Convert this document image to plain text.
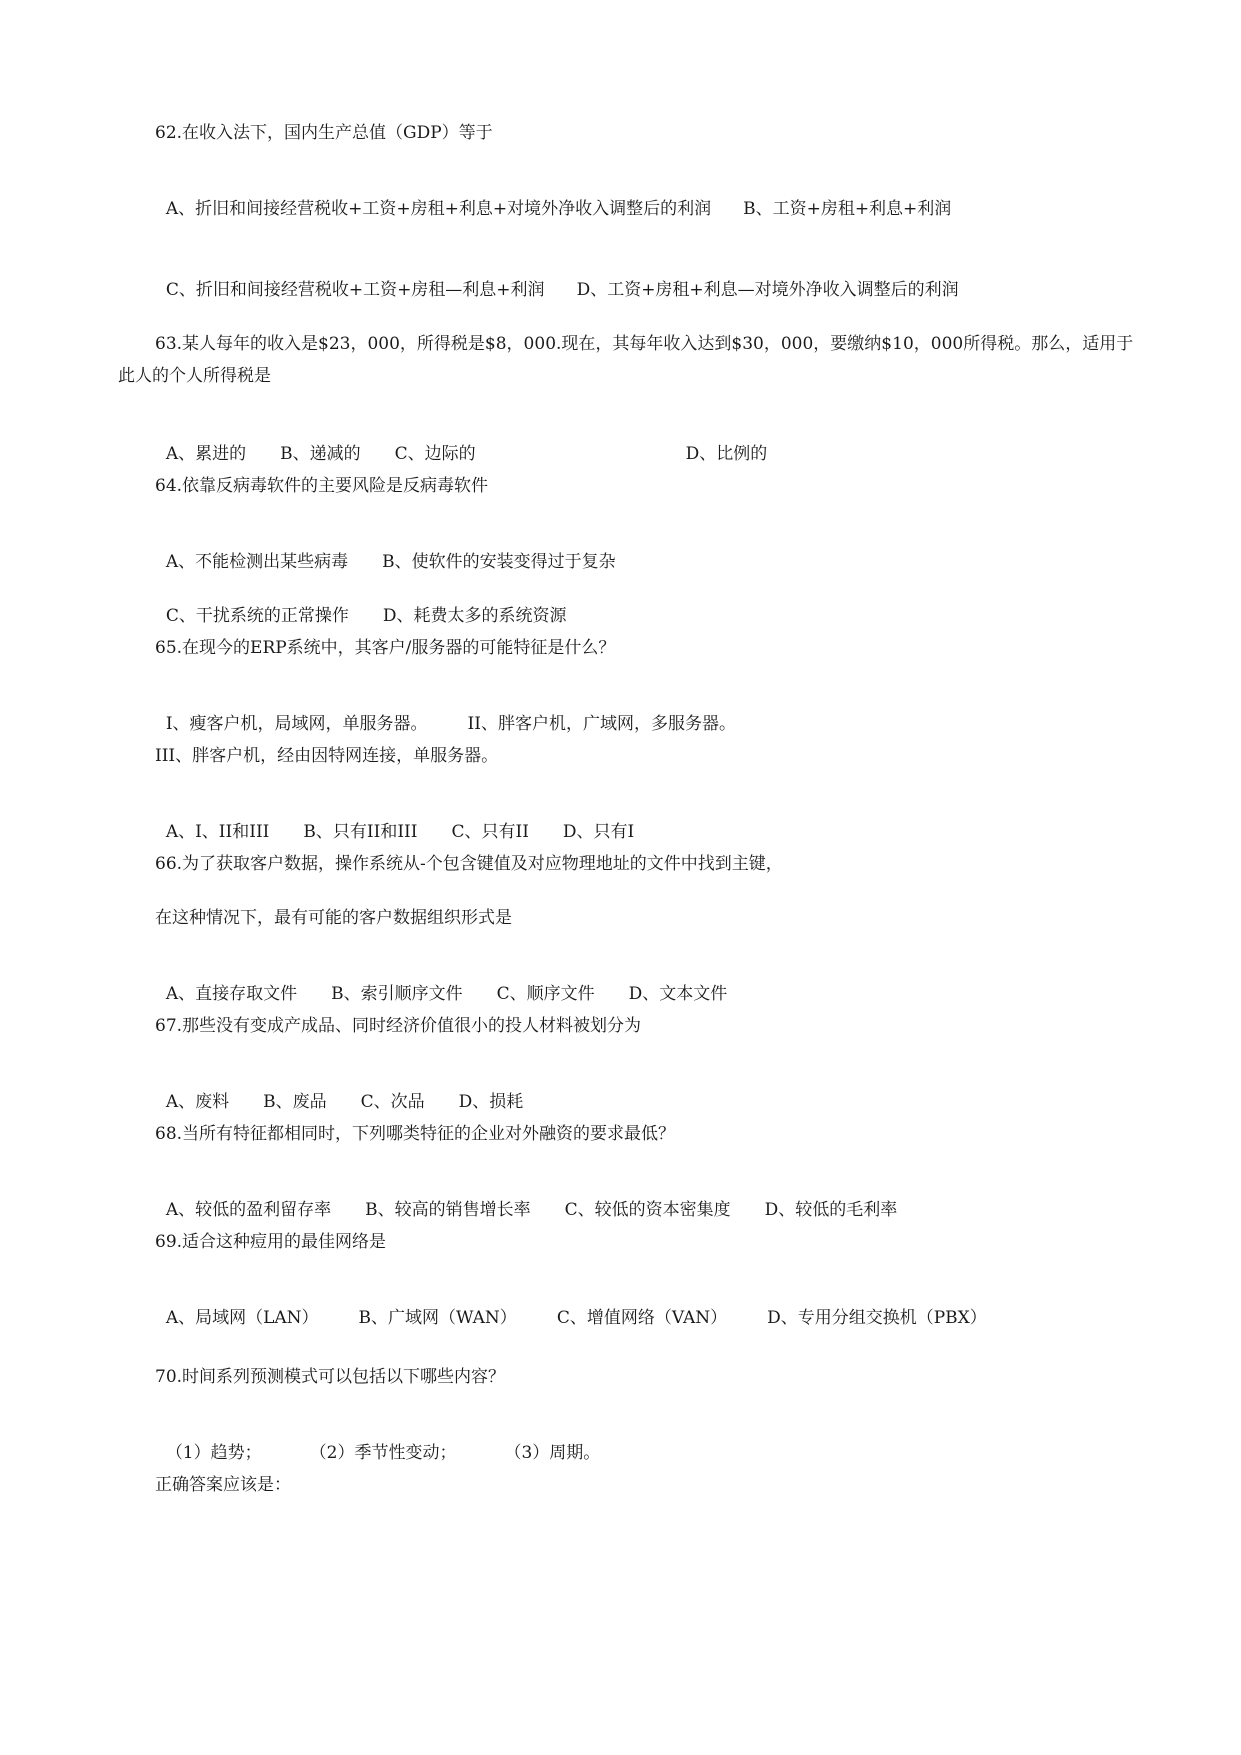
62.在收入法下，国内生产总值（GDP）等于

A、折旧和间接经营税收+工资+房租+利息+对境外净收入调整后的利润 B、工资+房租+利息+利润

C、折旧和间接经营税收+工资+房租—利息+利润 D、工资+房租+利息—对境外净收入调整后的利润

63.某人每年的收入是$23，000，所得税是$8，000.现在，其每年收入达到$30，000，要缴纳$10，000所得税。那么，适用于此人的个人所得税是

A、累进的 B、递减的 C、边际的	D、比例的

64.依靠反病毒软件的主要风险是反病毒软件

A、不能检测出某些病毒 B、使软件的安装变得过于复杂

C、干扰系统的正常操作 D、耗费太多的系统资源

65.在现今的ERP系统中，其客户/服务器的可能特征是什么？

I、瘦客户机，局域网，单服务器。 II、胖客户机，广域网，多服务器。

III、胖客户机，经由因特网连接，单服务器。

A、I、II和III B、只有II和III C、只有II D、只有I

66.为了获取客户数据，操作系统从-个包含键值及对应物理地址的文件中找到主键，
在这种情况下，最有可能的客户数据组织形式是

A、直接存取文件 B、索引顺序文件 C、顺序文件 D、文本文件

67.那些没有变成产成品、同时经济价值很小的投人材料被划分为

A、废料 B、废品 C、次品 D、损耗

68.当所有特征都相同时，下列哪类特征的企业对外融资的要求最低？

A、较低的盈利留存率 B、较高的销售增长率 C、较低的资本密集度 D、较低的毛利率

69.适合这种痘用的最佳网络是

A、局域网（LAN） B、广域网（WAN） C、增值网络（VAN） D、专用分组交换机（PBX）

70.时间系列预测模式可以包括以下哪些内容？

（1）趋势；	（2）季节性变动；	（3）周期。

正确答案应该是：
